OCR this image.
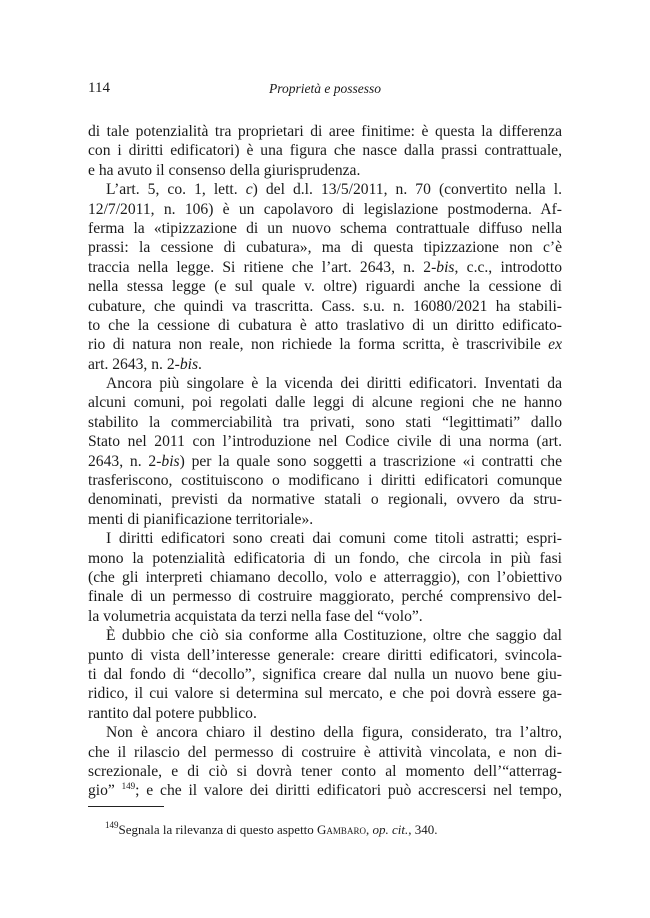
114	Proprietà e possesso
di tale potenzialità tra proprietari di aree finitime: è questa la differenza
con i diritti edificatori) è una figura che nasce dalla prassi contrattuale,
e ha avuto il consenso della giurisprudenza.
L’art. 5, co. 1, lett. c) del d.l. 13/5/2011, n. 70 (convertito nella l.
12/7/2011, n. 106) è un capolavoro di legislazione postmoderna. Af-
ferma la «tipizzazione di un nuovo schema contrattuale diffuso nella
prassi: la cessione di cubatura», ma di questa tipizzazione non c’è
traccia nella legge. Si ritiene che l’art. 2643, n. 2-bis, c.c., introdotto
nella stessa legge (e sul quale v. oltre) riguardi anche la cessione di
cubature, che quindi va trascritta. Cass. s.u. n. 16080/2021 ha stabili-
to che la cessione di cubatura è atto traslativo di un diritto edificato-
rio di natura non reale, non richiede la forma scritta, è trascrivibile ex
art. 2643, n. 2-bis.
Ancora più singolare è la vicenda dei diritti edificatori. Inventati da
alcuni comuni, poi regolati dalle leggi di alcune regioni che ne hanno
stabilito la commerciabilità tra privati, sono stati “legittimati” dallo
Stato nel 2011 con l’introduzione nel Codice civile di una norma (art.
2643, n. 2-bis) per la quale sono soggetti a trascrizione «i contratti che
trasferiscono, costituiscono o modificano i diritti edificatori comunque
denominati, previsti da normative statali o regionali, ovvero da stru-
menti di pianificazione territoriale».
I diritti edificatori sono creati dai comuni come titoli astratti; espri-
mono la potenzialità edificatoria di un fondo, che circola in più fasi
(che gli interpreti chiamano decollo, volo e atterraggio), con l’obiettivo
finale di un permesso di costruire maggiorato, perché comprensivo del-
la volumetria acquistata da terzi nella fase del “volo”.
È dubbio che ciò sia conforme alla Costituzione, oltre che saggio dal
punto di vista dell’interesse generale: creare diritti edificatori, svincola-
ti dal fondo di “decollo”, significa creare dal nulla un nuovo bene giu-
ridico, il cui valore si determina sul mercato, e che poi dovrà essere ga-
rantito dal potere pubblico.
Non è ancora chiaro il destino della figura, considerato, tra l’altro,
che il rilascio del permesso di costruire è attività vincolata, e non di-
screzionale, e di ciò si dovrà tener conto al momento dell’“atterrag-
gio” $^{149}$; e che il valore dei diritti edificatori può accrescersi nel tempo,
$^{149}$Segnala la rilevanza di questo aspetto Gambaro, op. cit., 340.
